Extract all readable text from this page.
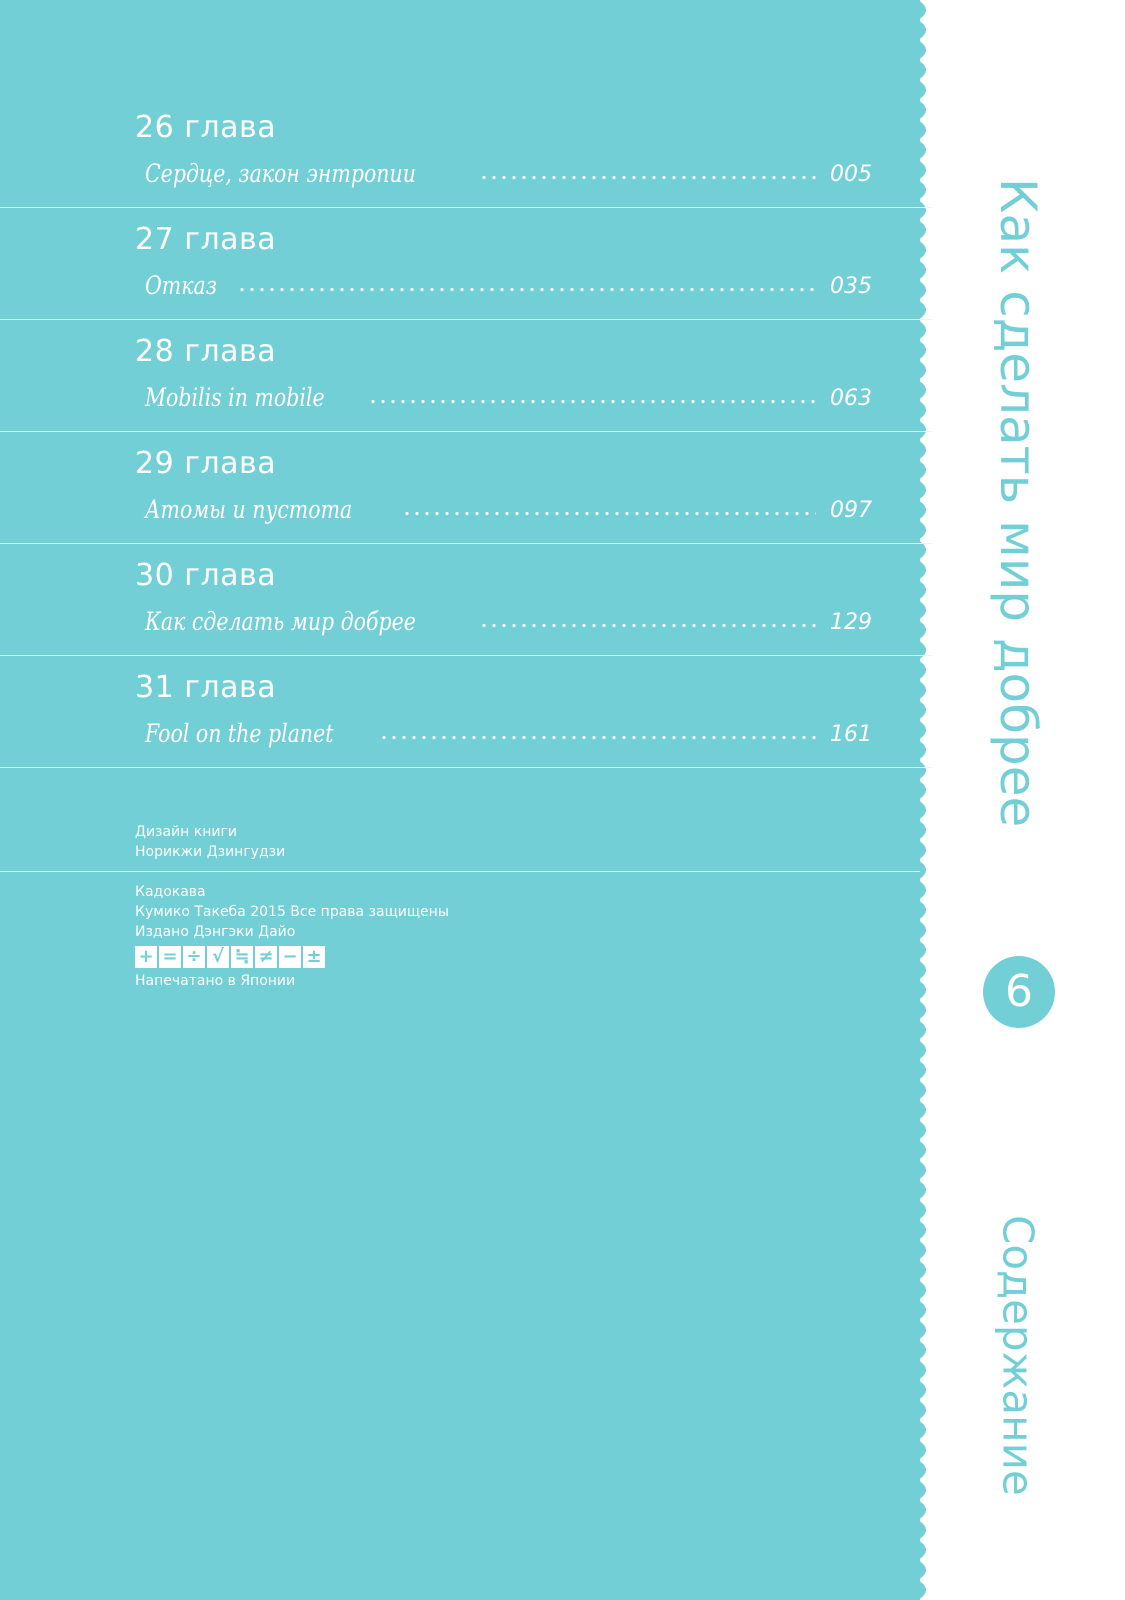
26 глава
Сердце, закон энтропии	005
27 глава
Отказ	035
28 глава
Mobilis in mobile	063
29 глава
Атомы и пустота	097
30 глава
Как сделать мир добрее	129
31 глава
Fool on the planet	161
Дизайн книги
Норикжи Дзингудзи
Кадокава
Кумико Такеба 2015 Все права защищены
Издано Дэнгэки Дайо
+ = ÷ √ ≒ ≠ − ±
Напечатано в Японии
Как сделать мир добрее
6
Содержание
